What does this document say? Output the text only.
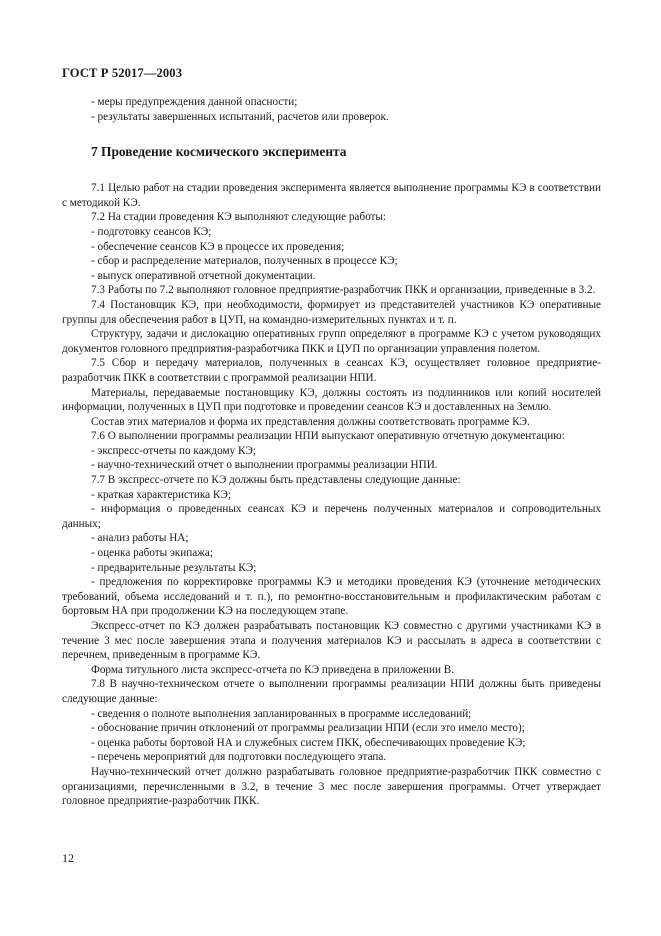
ГОСТ Р 52017—2003

- меры предупреждения данной опасности;

- результаты завершенных испытаний, расчетов или проверок.

7 Проведение космического эксперимента

7.1 Целью работ на стадии проведения эксперимента является выполнение программы КЭ в соответствии с методикой КЭ.

7.2 На стадии проведения КЭ выполняют следующие работы:

- подготовку сеансов КЭ;

- обеспечение сеансов КЭ в процессе их проведения;

- сбор и распределение материалов, полученных в процессе КЭ;

- выпуск оперативной отчетной документации.

7.3 Работы по 7.2 выполняют головное предприятие-разработчик ПКК и организации, приведенные в 3.2.

7.4 Постановщик КЭ, при необходимости, формирует из представителей участников КЭ оперативные группы для обеспечения работ в ЦУП, на командно-измерительных пунктах и т. п.

Структуру, задачи и дислокацию оперативных групп определяют в программе КЭ с учетом руководящих документов головного предприятия-разработчика ПКК и ЦУП по организации управления полетом.

7.5 Сбор и передачу материалов, полученных в сеансах КЭ, осуществляет головное предприятие-разработчик ПКК в соответствии с программой реализации НПИ.

Материалы, передаваемые постановщику КЭ, должны состоять из подлинников или копий носителей информации, полученных в ЦУП при подготовке и проведении сеансов КЭ и доставленных на Землю.

Состав этих материалов и форма их представления должны соответствовать программе КЭ.

7.6 О выполнении программы реализации НПИ выпускают оперативную отчетную документацию:

- экспресс-отчеты по каждому КЭ;

- научно-технический отчет о выполнении программы реализации НПИ.

7.7 В экспресс-отчете по КЭ должны быть представлены следующие данные:

- краткая характеристика КЭ;

- информация о проведенных сеансах КЭ и перечень полученных материалов и сопроводительных данных;

- анализ работы НА;

- оценка работы экипажа;

- предварительные результаты КЭ;

- предложения по корректировке программы КЭ и методики проведения КЭ (уточнение методических требований, объема исследований и т. п.), по ремонтно-восстановительным и профилактическим работам с бортовым НА при продолжении КЭ на последующем этапе.

Экспресс-отчет по КЭ должен разрабатывать постановщик КЭ совместно с другими участниками КЭ в течение 3 мес после завершения этапа и получения материалов КЭ и рассылать в адреса в соответствии с перечнем, приведенным в программе КЭ.

Форма титульного листа экспресс-отчета по КЭ приведена в приложении В.

7.8 В научно-техническом отчете о выполнении программы реализации НПИ должны быть приведены следующие данные:

- сведения о полноте выполнения запланированных в программе исследований;

- обоснование причин отклонений от программы реализации НПИ (если это имело место);

- оценка работы бортовой НА и служебных систем ПКК, обеспечивающих проведение КЭ;

- перечень мероприятий для подготовки последующего этапа.

Научно-технический отчет должно разрабатывать головное предприятие-разработчик ПКК совместно с организациями, перечисленными в 3.2, в течение 3 мес после завершения программы. Отчет утверждает головное предприятие-разработчик ПКК.

12
